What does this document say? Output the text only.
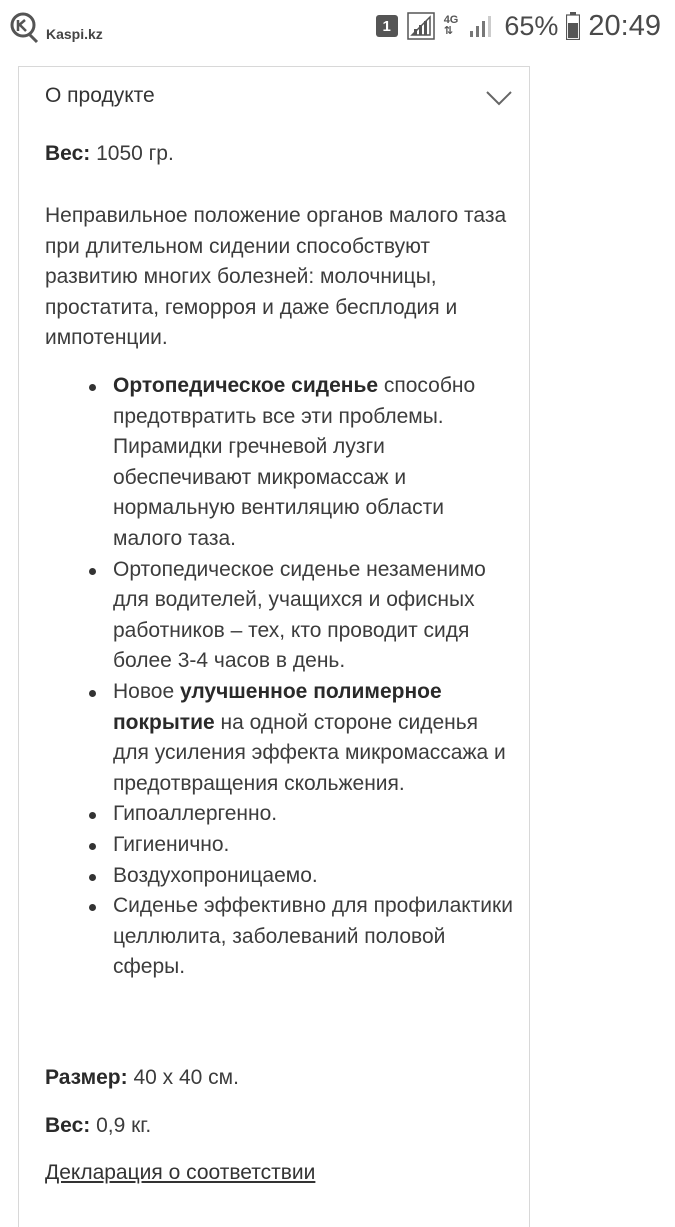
Kaspi.kz	1	4G
⇅ 65% 20:49
О продукте
Вес: 1050 гр.
Неправильное положение органов малого таза при длительном сидении способствуют развитию многих болезней: молочницы, простатита, геморроя и даже бесплодия и импотенции.
Ортопедическое сиденье способно предотвратить все эти проблемы. Пирамидки гречневой лузги обеспечивают микромассаж и нормальную вентиляцию области малого таза.
Ортопедическое сиденье незаменимо для водителей, учащихся и офисных работников – тех, кто проводит сидя более 3-4 часов в день.
Новое улучшенное полимерное покрытие на одной стороне сиденья для усиления эффекта микромассажа и предотвращения скольжения.
Гипоаллергенно.
Гигиенично.
Воздухопроницаемо.
Сиденье эффективно для профилактики целлюлита, заболеваний половой сферы.
Размер: 40 х 40 см.
Вес: 0,9 кг.
Декларация о соответствии
